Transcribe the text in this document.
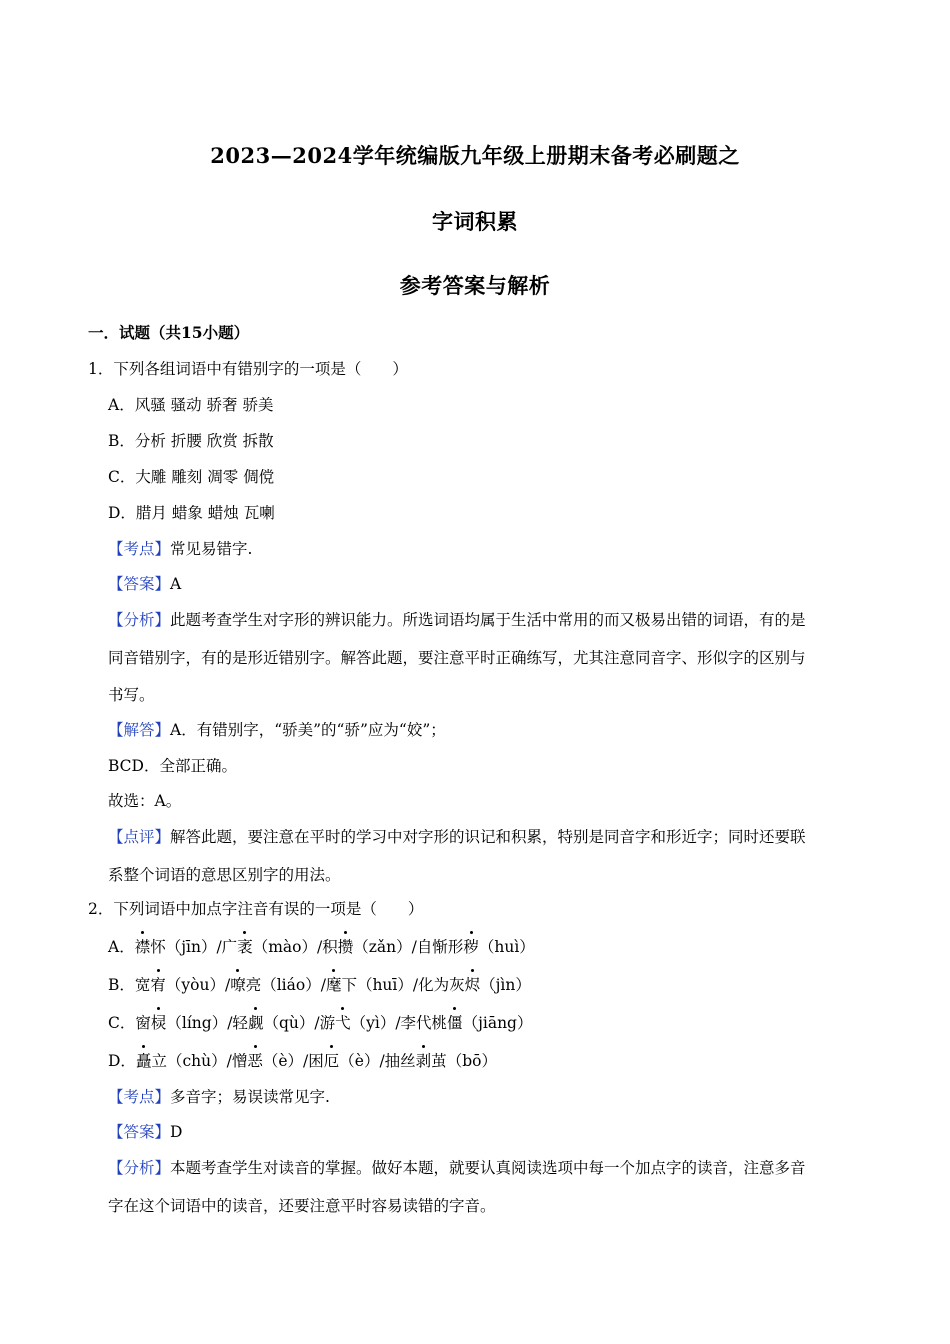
2023—2024学年统编版九年级上册期末备考必刷题之
字词积累
参考答案与解析
一．试题（共15小题）
1．下列各组词语中有错别字的一项是（　　）
A．风骚 骚动 骄奢 骄美
B．分析 折腰 欣赏 拆散
C．大雕 雕刻 凋零 倜傥
D．腊月 蜡象 蜡烛 瓦喇
【考点】常见易错字.
【答案】A
【分析】此题考查学生对字形的辨识能力。所选词语均属于生活中常用的而又极易出错的词语，有的是
同音错别字，有的是形近错别字。解答此题，要注意平时正确练写，尤其注意同音字、形似字的区别与
书写。
【解答】A．有错别字，“骄美”的“骄”应为“姣”；
BCD．全部正确。
故选：A。
【点评】解答此题，要注意在平时的学习中对字形的识记和积累，特别是同音字和形近字；同时还要联
系整个词语的意思区别字的用法。
2．下列词语中加点字注音有误的一项是（　　）
A．襟怀（jīn）/广袤（mào）/积攒（zǎn）/自惭形秽（huì）
B．宽宥（yòu）/嘹亮（liáo）/麾下（huī）/化为灰烬（jìn）
C．窗棂（líng）/轻觑（qù）/游弋（yì）/李代桃僵（jiāng）
D．矗立（chù）/憎恶（è）/困厄（è）/抽丝剥茧（bō）
【考点】多音字；易误读常见字.
【答案】D
【分析】本题考查学生对读音的掌握。做好本题，就要认真阅读选项中每一个加点字的读音，注意多音
字在这个词语中的读音，还要注意平时容易读错的字音。
